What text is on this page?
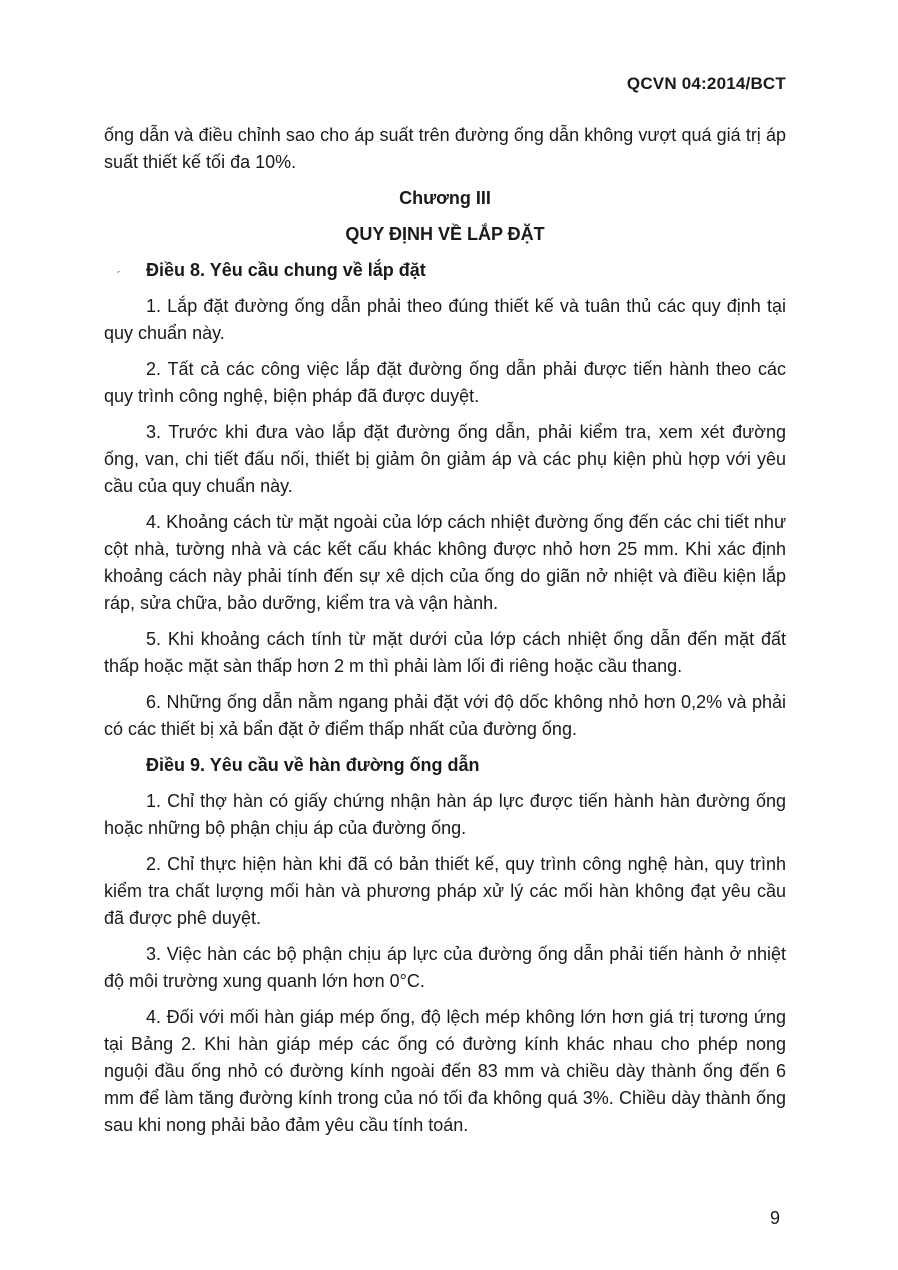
QCVN 04:2014/BCT
ˊ

ống dẫn và điều chỉnh sao cho áp suất trên đường ống dẫn không vượt quá giá trị áp suất thiết kế tối đa 10%.

Chương III

QUY ĐỊNH VỀ LẮP ĐẶT

Điều 8. Yêu cầu chung về lắp đặt

1. Lắp đặt đường ống dẫn phải theo đúng thiết kế và tuân thủ các quy định tại quy chuẩn này.

2. Tất cả các công việc lắp đặt đường ống dẫn phải được tiến hành theo các quy trình công nghệ, biện pháp đã được duyệt.

3. Trước khi đưa vào lắp đặt đường ống dẫn, phải kiểm tra, xem xét đường ống, van, chi tiết đấu nối, thiết bị giảm ôn giảm áp và các phụ kiện phù hợp với yêu cầu của quy chuẩn này.

4. Khoảng cách từ mặt ngoài của lớp cách nhiệt đường ống đến các chi tiết như cột nhà, tường nhà và các kết cấu khác không được nhỏ hơn 25 mm. Khi xác định khoảng cách này phải tính đến sự xê dịch của ống do giãn nở nhiệt và điều kiện lắp ráp, sửa chữa, bảo dưỡng, kiểm tra và vận hành.

5. Khi khoảng cách tính từ mặt dưới của lớp cách nhiệt ống dẫn đến mặt đất thấp hoặc mặt sàn thấp hơn 2 m thì phải làm lối đi riêng hoặc cầu thang.

6. Những ống dẫn nằm ngang phải đặt với độ dốc không nhỏ hơn 0,2% và phải có các thiết bị xả bẩn đặt ở điểm thấp nhất của đường ống.

Điều 9. Yêu cầu về hàn đường ống dẫn

1. Chỉ thợ hàn có giấy chứng nhận hàn áp lực được tiến hành hàn đường ống hoặc những bộ phận chịu áp của đường ống.

2. Chỉ thực hiện hàn khi đã có bản thiết kế, quy trình công nghệ hàn, quy trình kiểm tra chất lượng mối hàn và phương pháp xử lý các mối hàn không đạt yêu cầu đã được phê duyệt.

3. Việc hàn các bộ phận chịu áp lực của đường ống dẫn phải tiến hành ở nhiệt độ môi trường xung quanh lớn hơn 0°C.

4. Đối với mối hàn giáp mép ống, độ lệch mép không lớn hơn giá trị tương ứng tại Bảng 2. Khi hàn giáp mép các ống có đường kính khác nhau cho phép nong nguội đầu ống nhỏ có đường kính ngoài đến 83 mm và chiều dày thành ống đến 6 mm để làm tăng đường kính trong của nó tối đa không quá 3%. Chiều dày thành ống sau khi nong phải bảo đảm yêu cầu tính toán.

9
